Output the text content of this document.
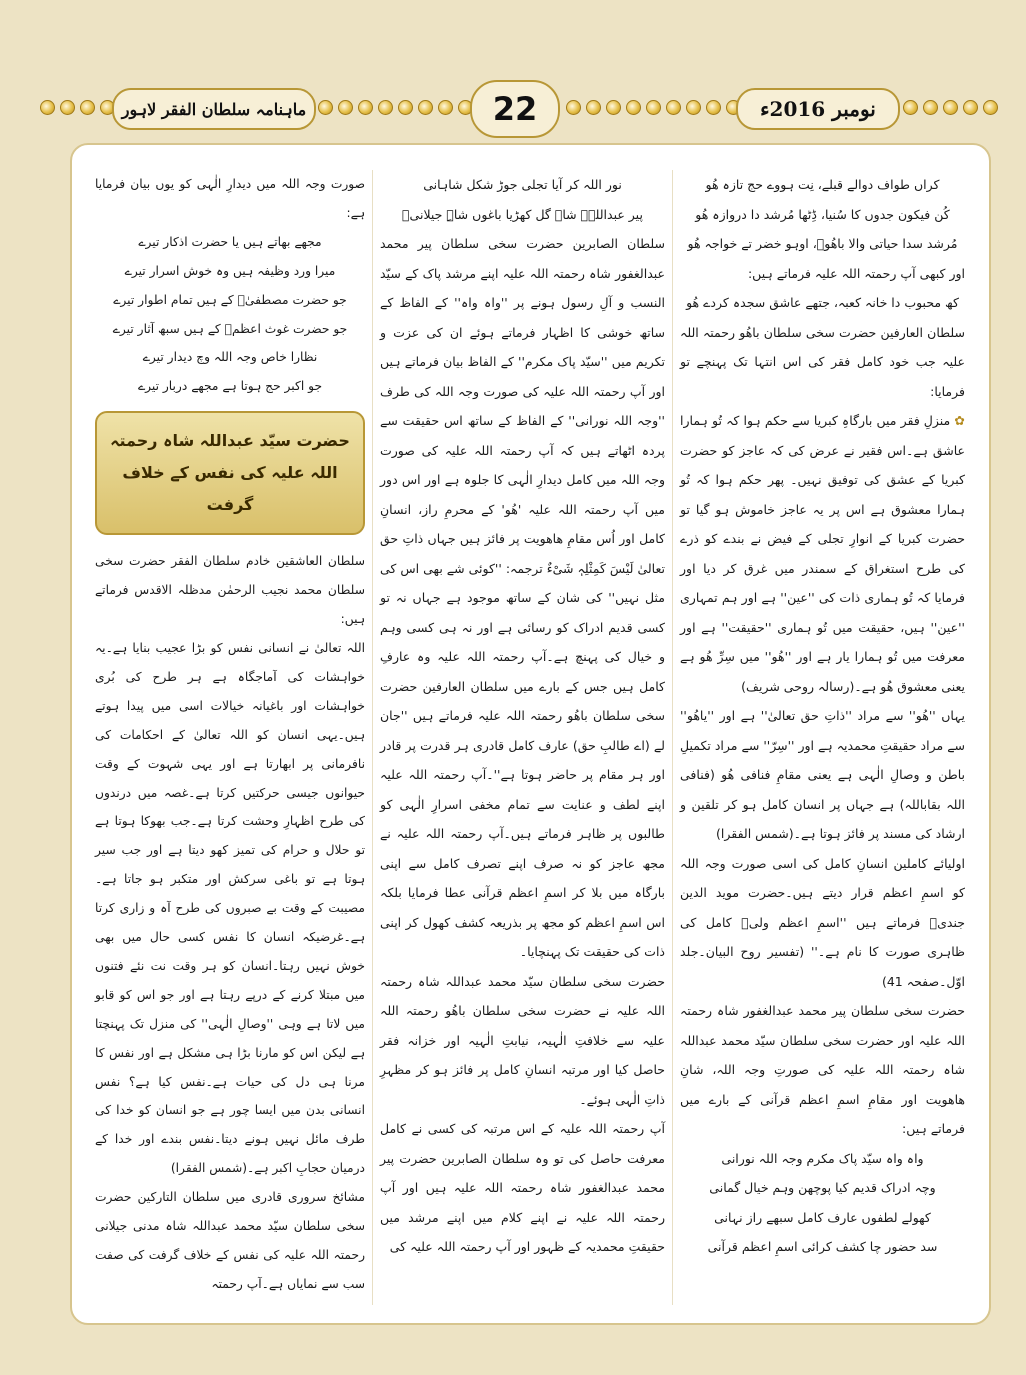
ماہنامہ سلطان الفقر لاہور	22	نومبر 2016ء

کراں طواف دوالے قبلے، نِت ہووے حج تازہ ھُو

کُن فیکون جدوں کا سُنیا، ڈِٹھا مُرشد دا دروازہ ھُو

مُرشد سدا حیاتی والا باھُوؒ، اوہو خضر تے خواجہ ھُو

اور کبھی آپ رحمتہ اللہ علیہ فرماتے ہیں:

کھ محبوب دا خانہ کعبہ، جتھے عاشق سجدہ کردے ھُو

سلطان العارفین حضرت سخی سلطان باھُو رحمتہ اللہ علیہ جب خود کامل فقر کی اس انتہا تک پہنچے تو فرمایا:

✿ منزلِ فقر میں بارگاہِ کبریا سے حکم ہوا کہ تُو ہمارا عاشق ہے۔اس فقیر نے عرض کی کہ عاجز کو حضرت کبریا کے عشق کی توفیق نہیں۔ پھر حکم ہوا کہ تُو ہمارا معشوق ہے اس پر یہ عاجز خاموش ہو گیا تو حضرت کبریا کے انوارِ تجلی کے فیض نے بندے کو ذرے کی طرح استغراق کے سمندر میں غرق کر دیا اور فرمایا کہ تُو ہماری ذات کی ''عین'' ہے اور ہم تمہاری ''عین'' ہیں، حقیقت میں تُو ہماری ''حقیقت'' ہے اور معرفت میں تُو ہمارا یار ہے اور ''ھُو'' میں سِرِّ ھُو ہے یعنی معشوق ھُو ہے۔(رسالہ روحی شریف)

یہاں ''ھُو'' سے مراد ''ذاتِ حق تعالیٰ'' ہے اور ''یاھُو'' سے مراد حقیقتِ محمدیہ ہے اور ''سِرّ'' سے مراد تکمیلِ باطن و وصالِ الٰہی ہے یعنی مقامِ فنافی ھُو (فنافی اللہ بقاباللہ) ہے جہاں پر انسان کامل ہو کر تلقین و ارشاد کی مسند پر فائز ہوتا ہے۔(شمس الفقرا)

اولیائے کاملین انسانِ کامل کی اسی صورت وجہ اللہ کو اسمِ اعظم قرار دیتے ہیں۔حضرت موید الدین جندیؒ فرماتے ہیں ''اسمِ اعظم ولیؒ کامل کی ظاہری صورت کا نام ہے۔'' (تفسیر روح البیان۔جلد اوّل۔صفحہ 41)

حضرت سخی سلطان پیر محمد عبدالغفور شاہ رحمتہ اللہ علیہ اور حضرت سخی سلطان سیّد محمد عبداللہ شاہ رحمتہ اللہ علیہ کی صورتِ وجہ اللہ، شانِ ھاھویت اور مقامِ اسمِ اعظم قرآنی کے بارے میں فرماتے ہیں:

واہ واہ سیّد پاک مکرم وجہ اللہ نورانی

وچہ ادراک قدیم کیا پوچھن وہم خیال گمانی

کھولے لطفوں عارف کامل سبھے راز نہانی

سد حضور چا کشف کرائی اسمِ اعظم قرآنی

نور اللہ کر آیا تجلی جوڑ شکل شاہانی

پیر عبداللہؒ شاہ گل کھڑیا باغوں شاہِ جیلانیؒ

سلطان الصابرین حضرت سخی سلطان پیر محمد عبدالغفور شاہ رحمتہ اللہ علیہ اپنے مرشد پاک کے سیّد النسب و آلِ رسول ہونے پر ''واہ واہ'' کے الفاظ کے ساتھ خوشی کا اظہار فرماتے ہوئے ان کی عزت و تکریم میں ''سیّد پاک مکرم'' کے الفاظ بیان فرماتے ہیں اور آپ رحمتہ اللہ علیہ کی صورت وجہ اللہ کی طرف ''وجہ اللہ نورانی'' کے الفاظ کے ساتھ اس حقیقت سے پردہ اٹھاتے ہیں کہ آپ رحمتہ اللہ علیہ کی صورت وجہ اللہ میں کامل دیدارِ الٰہی کا جلوہ ہے اور اس دور میں آپ رحمتہ اللہ علیہ 'ھُو' کے محرمِ راز، انسانِ کامل اور اُس مقامِ ھاھویت پر فائز ہیں جہاں ذاتِ حق تعالیٰ لَیْسَ کَمِثْلِہٖ شَیْءٌ ترجمہ: ''کوئی شے بھی اس کی مثل نہیں'' کی شان کے ساتھ موجود ہے جہاں نہ تو کسی قدیم ادراک کو رسائی ہے اور نہ ہی کسی وہم و خیال کی پہنچ ہے۔آپ رحمتہ اللہ علیہ وہ عارفِ کامل ہیں جس کے بارے میں سلطان العارفین حضرت سخی سلطان باھُو رحمتہ اللہ علیہ فرماتے ہیں ''جان لے (اے طالبِ حق) عارف کامل قادری ہر قدرت پر قادر اور ہر مقام پر حاضر ہوتا ہے''۔آپ رحمتہ اللہ علیہ اپنے لطف و عنایت سے تمام مخفی اسرارِ الٰہی کو طالبوں پر ظاہر فرماتے ہیں۔آپ رحمتہ اللہ علیہ نے مجھ عاجز کو نہ صرف اپنے تصرف کامل سے اپنی بارگاہ میں بلا کر اسمِ اعظم قرآنی عطا فرمایا بلکہ اس اسمِ اعظم کو مجھ پر بذریعہ کشف کھول کر اپنی ذات کی حقیقت تک پہنچایا۔

حضرت سخی سلطان سیّد محمد عبداللہ شاہ رحمتہ اللہ علیہ نے حضرت سخی سلطان باھُو رحمتہ اللہ علیہ سے خلافتِ الٰہیہ، نیابتِ الٰہیہ اور خزانہ فقر حاصل کیا اور مرتبہ انسانِ کامل پر فائز ہو کر مظہرِ ذاتِ الٰہی ہوئے۔

آپ رحمتہ اللہ علیہ کے اس مرتبہ کی کسی نے کامل معرفت حاصل کی تو وہ سلطان الصابرین حضرت پیر محمد عبدالغفور شاہ رحمتہ اللہ علیہ ہیں اور آپ رحمتہ اللہ علیہ نے اپنے کلام میں اپنے مرشد میں حقیقتِ محمدیہ کے ظہور اور آپ رحمتہ اللہ علیہ کی

صورت وجہ اللہ میں دیدارِ الٰہی کو یوں بیان فرمایا ہے:

مجھے بھاتے ہیں یا حضرت اذکار تیرے

میرا ورد وظیفہ ہیں وہ خوش اسرار تیرے

جو حضرت مصطفیٰؐ کے ہیں تمام اطوار تیرے

جو حضرت غوث اعظمؓ کے ہیں سبھ آثار تیرے

نظارا خاص وجہ اللہ وچ دیدار تیرے

جو اکبر حج ہوتا ہے مجھے دربار تیرے

حضرت سیّد عبداللہ شاہ رحمتہ اللہ علیہ کی نفس کے خلاف گرفت

سلطان العاشقین خادم سلطان الفقر حضرت سخی سلطان محمد نجیب الرحمٰن مدظلہ الاقدس فرماتے ہیں:

اللہ تعالیٰ نے انسانی نفس کو بڑا عجیب بنایا ہے۔یہ خواہشات کی آماجگاہ ہے ہر طرح کی بُری خواہشات اور باغیانہ خیالات اسی میں پیدا ہوتے ہیں۔یہی انسان کو اللہ تعالیٰ کے احکامات کی نافرمانی پر ابھارتا ہے اور یہی شہوت کے وقت حیوانوں جیسی حرکتیں کرتا ہے۔غصہ میں درندوں کی طرح اظہارِ وحشت کرتا ہے۔جب بھوکا ہوتا ہے تو حلال و حرام کی تمیز کھو دیتا ہے اور جب سیر ہوتا ہے تو باغی سرکش اور متکبر ہو جاتا ہے۔مصیبت کے وقت بے صبروں کی طرح آہ و زاری کرتا ہے۔غرضیکہ انسان کا نفس کسی حال میں بھی خوش نہیں رہتا۔انسان کو ہر وقت نت نئے فتنوں میں مبتلا کرنے کے درپے رہتا ہے اور جو اس کو قابو میں لاتا ہے وہی ''وصالِ الٰہی'' کی منزل تک پہنچتا ہے لیکن اس کو مارنا بڑا ہی مشکل ہے اور نفس کا مرنا ہی دل کی حیات ہے۔نفس کیا ہے؟ نفس انسانی بدن میں ایسا چور ہے جو انسان کو خدا کی طرف مائل نہیں ہونے دیتا۔نفس بندے اور خدا کے درمیان حجابِ اکبر ہے۔(شمس الفقرا)

مشائخ سروری قادری میں سلطان التارکین حضرت سخی سلطان سیّد محمد عبداللہ شاہ مدنی جیلانی رحمتہ اللہ علیہ کی نفس کے خلاف گرفت کی صفت سب سے نمایاں ہے۔آپ رحمتہ
